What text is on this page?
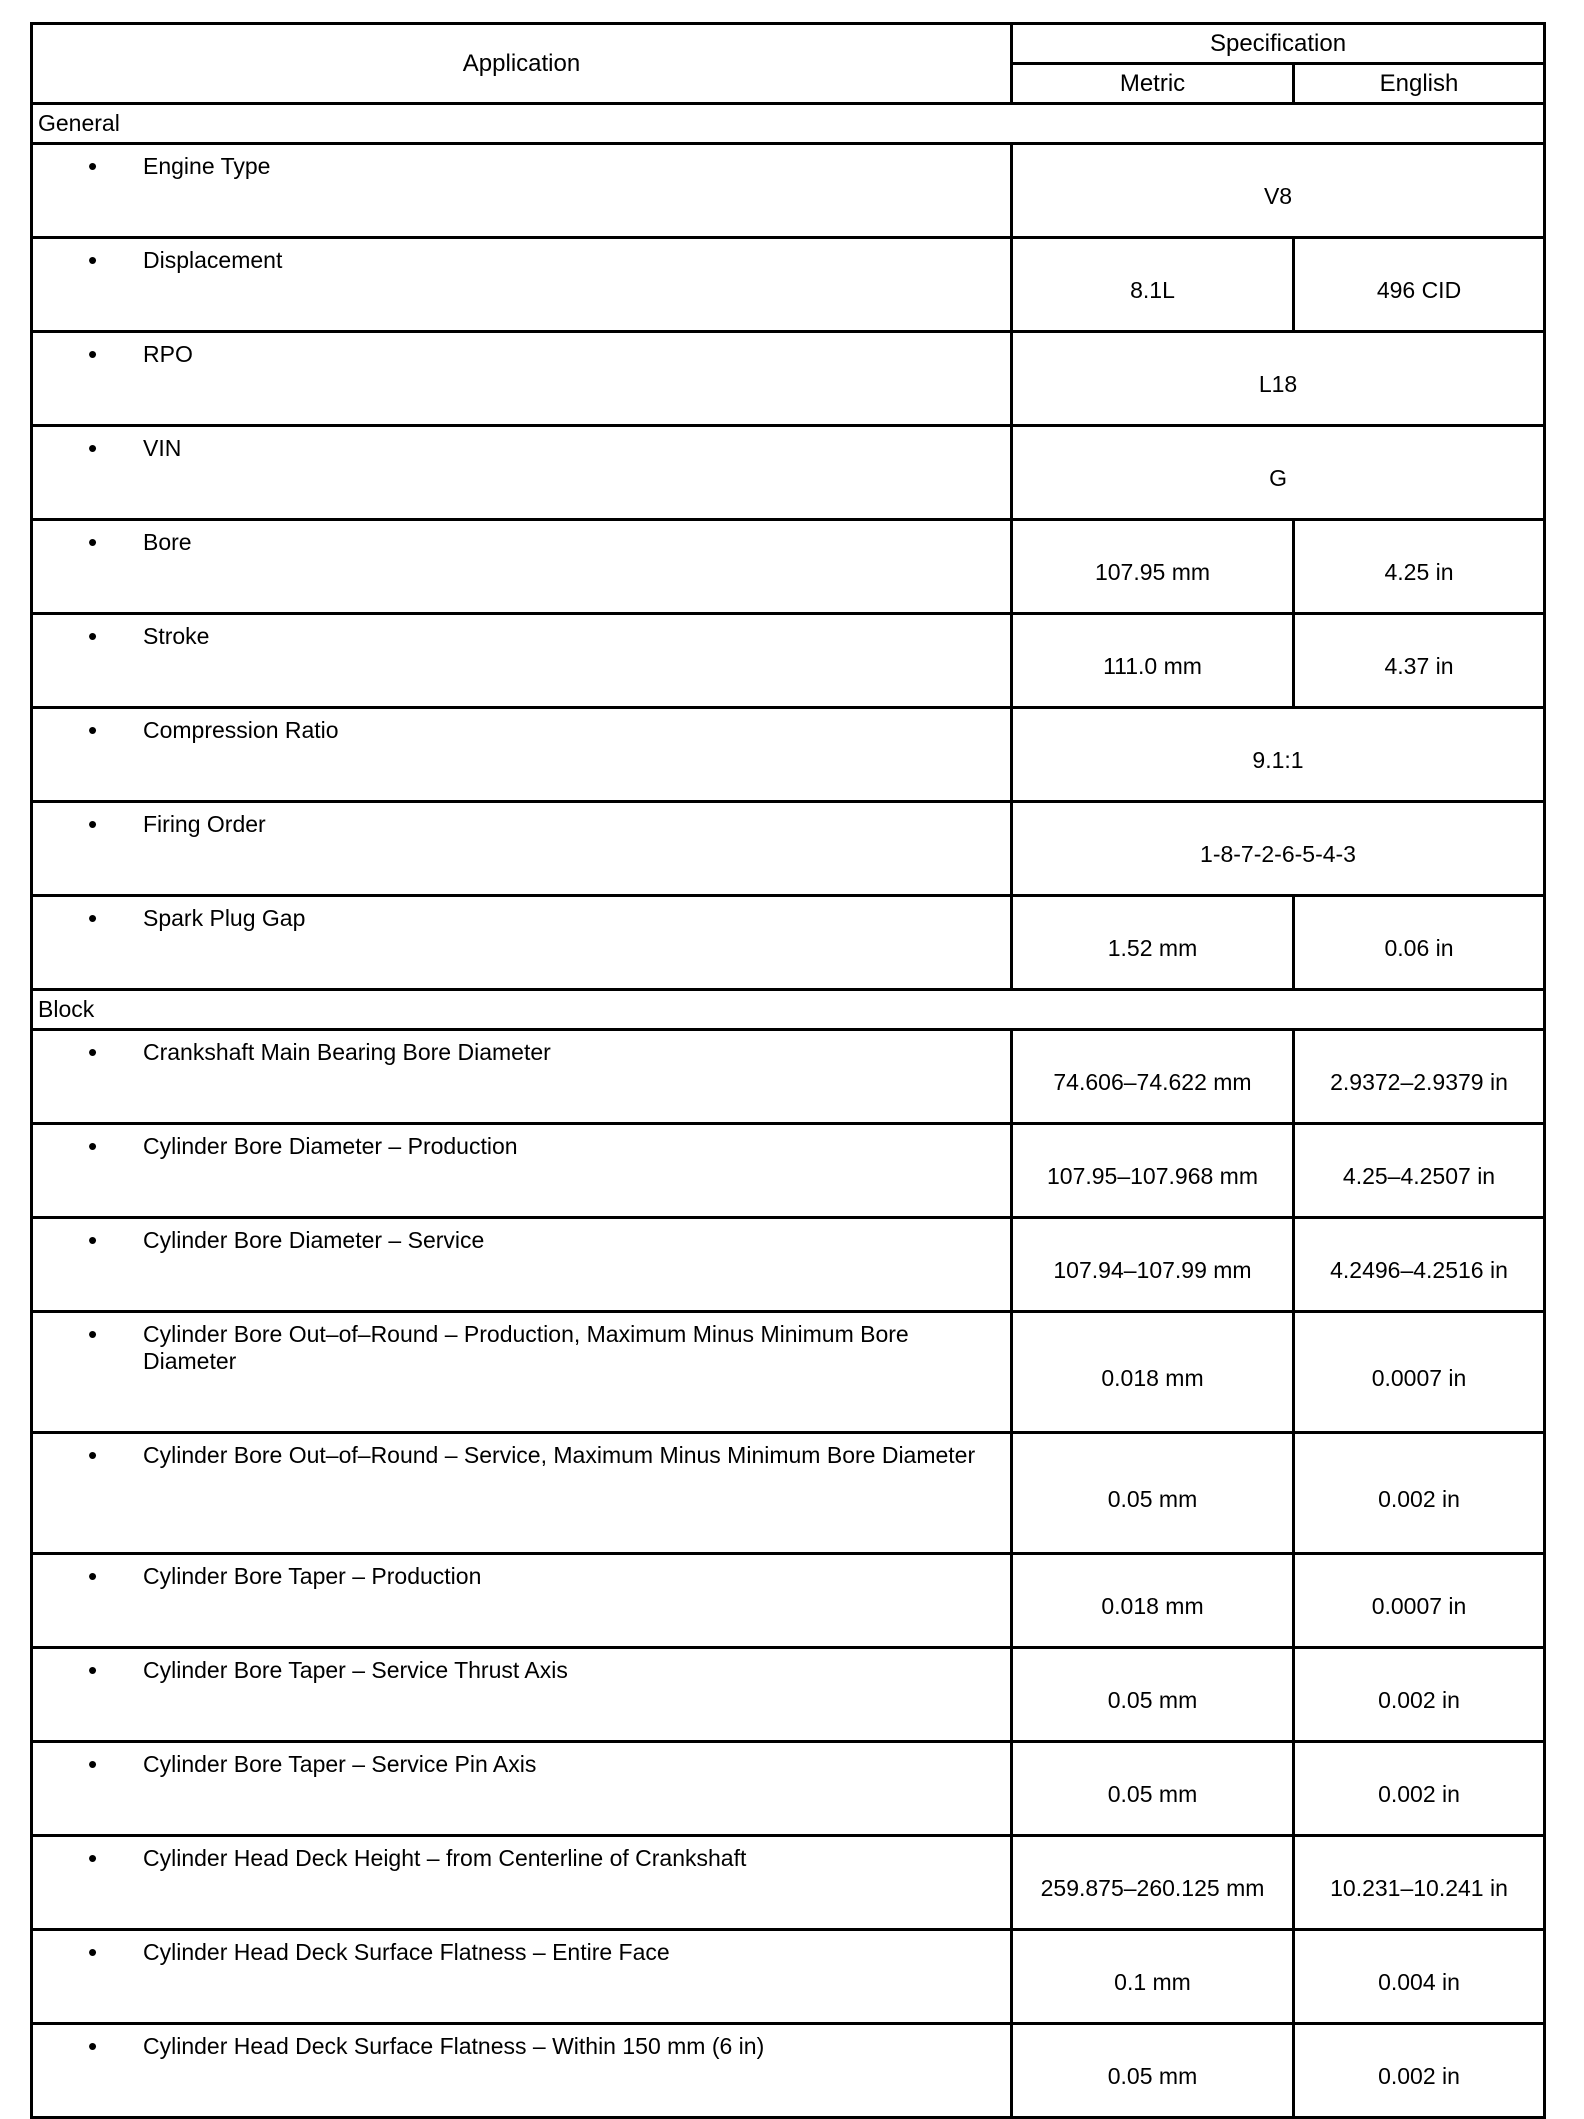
Application	Specification	
	Metric	English
General		

• Engine Type	V8	

• Displacement	8.1L	496 CID

• RPO	L18	

• VIN	G	

• Bore	107.95 mm	4.25 in

• Stroke	111.0 mm	4.37 in

• Compression Ratio	9.1:1	

• Firing Order	1-8-7-2-6-5-4-3	

• Spark Plug Gap	1.52 mm	0.06 in
Block		

• Crankshaft Main Bearing Bore Diameter	74.606–74.622 mm	2.9372–2.9379 in

• Cylinder Bore Diameter – Production	107.95–107.968 mm	4.25–4.2507 in

• Cylinder Bore Diameter – Service	107.94–107.99 mm	4.2496–4.2516 in

• Cylinder Bore Out–of–Round – Production, Maximum Minus Minimum Bore Diameter	0.018 mm	0.0007 in

• Cylinder Bore Out–of–Round – Service, Maximum Minus Minimum Bore Diameter	0.05 mm	0.002 in

• Cylinder Bore Taper – Production	0.018 mm	0.0007 in

• Cylinder Bore Taper – Service Thrust Axis	0.05 mm	0.002 in

• Cylinder Bore Taper – Service Pin Axis	0.05 mm	0.002 in

• Cylinder Head Deck Height – from Centerline of Crankshaft	259.875–260.125 mm	10.231–10.241 in

• Cylinder Head Deck Surface Flatness – Entire Face	0.1 mm	0.004 in

• Cylinder Head Deck Surface Flatness – Within 150 mm (6 in)	0.05 mm	0.002 in
